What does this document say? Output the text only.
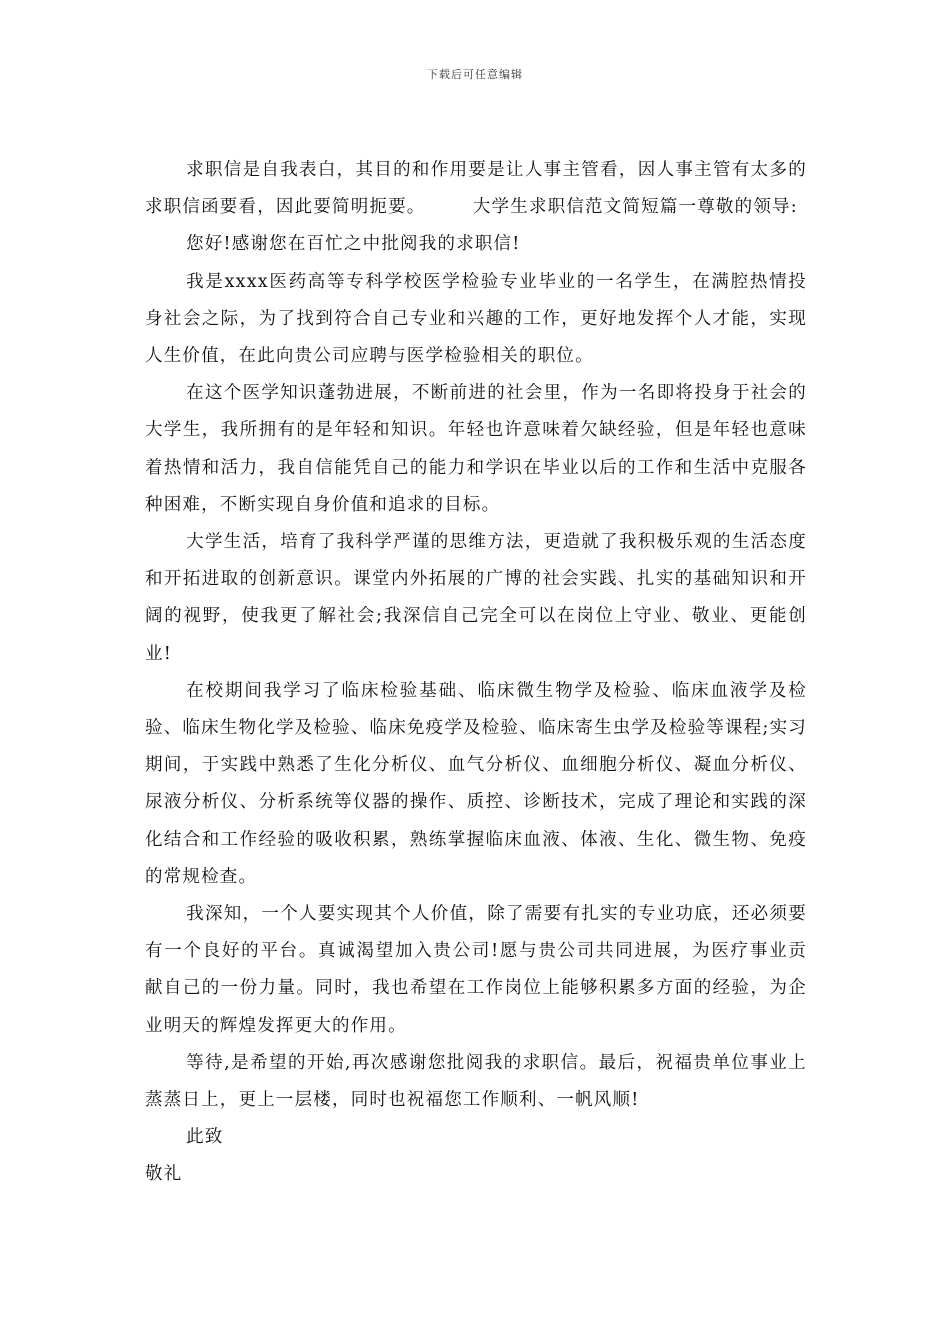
下载后可任意编辑

求职信是自我表白，其目的和作用要是让人事主管看，因人事主管有太多的求职信函要看，因此要简明扼要。　　　大学生求职信范文简短篇一尊敬的领导:

您好!感谢您在百忙之中批阅我的求职信!

我是xxxx医药高等专科学校医学检验专业毕业的一名学生，在满腔热情投身社会之际，为了找到符合自己专业和兴趣的工作，更好地发挥个人才能，实现人生价值，在此向贵公司应聘与医学检验相关的职位。

在这个医学知识蓬勃进展，不断前进的社会里，作为一名即将投身于社会的大学生，我所拥有的是年轻和知识。年轻也许意味着欠缺经验，但是年轻也意味着热情和活力，我自信能凭自己的能力和学识在毕业以后的工作和生活中克服各种困难，不断实现自身价值和追求的目标。

大学生活，培育了我科学严谨的思维方法，更造就了我积极乐观的生活态度和开拓进取的创新意识。课堂内外拓展的广博的社会实践、扎实的基础知识和开阔的视野，使我更了解社会;我深信自己完全可以在岗位上守业、敬业、更能创业!

在校期间我学习了临床检验基础、临床微生物学及检验、临床血液学及检验、临床生物化学及检验、临床免疫学及检验、临床寄生虫学及检验等课程;实习期间，于实践中熟悉了生化分析仪、血气分析仪、血细胞分析仪、凝血分析仪、尿液分析仪、分析系统等仪器的操作、质控、诊断技术，完成了理论和实践的深化结合和工作经验的吸收积累，熟练掌握临床血液、体液、生化、微生物、免疫的常规检查。

我深知，一个人要实现其个人价值，除了需要有扎实的专业功底，还必须要有一个良好的平台。真诚渴望加入贵公司!愿与贵公司共同进展，为医疗事业贡献自己的一份力量。同时，我也希望在工作岗位上能够积累多方面的经验，为企业明天的辉煌发挥更大的作用。

等待,是希望的开始,再次感谢您批阅我的求职信。最后，祝福贵单位事业上蒸蒸日上，更上一层楼，同时也祝福您工作顺利、一帆风顺!

此致

敬礼
